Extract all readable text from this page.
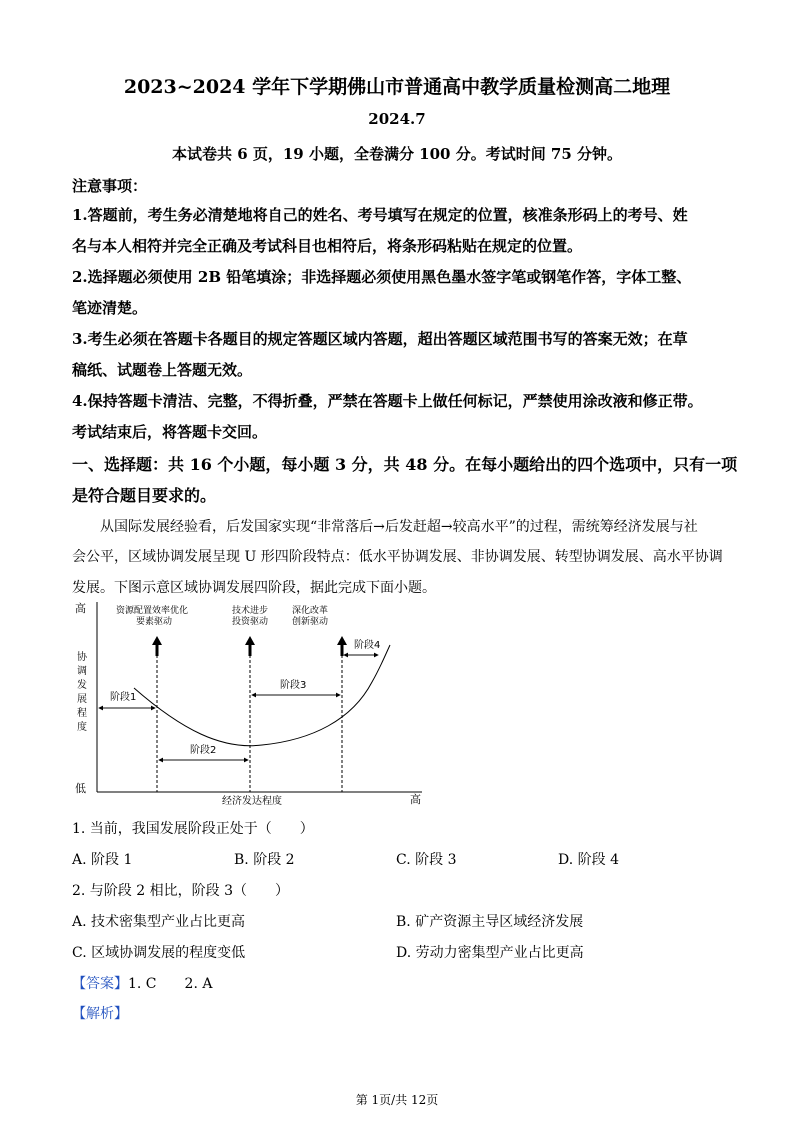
2023~2024 学年下学期佛山市普通高中教学质量检测高二地理
2024.7
本试卷共 6 页，19 小题，全卷满分 100 分。考试时间 75 分钟。
注意事项：
1.答题前，考生务必清楚地将自己的姓名、考号填写在规定的位置，核准条形码上的考号、姓
名与本人相符并完全正确及考试科目也相符后，将条形码粘贴在规定的位置。
2.选择题必须使用 2B 铅笔填涂；非选择题必须使用黑色墨水签字笔或钢笔作答，字体工整、
笔迹清楚。
3.考生必须在答题卡各题目的规定答题区域内答题，超出答题区域范围书写的答案无效；在草
稿纸、试题卷上答题无效。
4.保持答题卡清洁、完整，不得折叠，严禁在答题卡上做任何标记，严禁使用涂改液和修正带。
考试结束后，将答题卡交回。
一、选择题：共 16 个小题，每小题 3 分，共 48 分。在每小题给出的四个选项中，只有一项
是符合题目要求的。
从国际发展经验看，后发国家实现“非常落后→后发赶超→较高水平”的过程，需统筹经济发展与社
会公平，区域协调发展呈现 U 形四阶段特点：低水平协调发展、非协调发展、转型协调发展、高水平协调
发展。下图示意区域协调发展四阶段，据此完成下面小题。
高
低
高
经济发达程度
协
调
发
展
程
度
资源配置效率优化
要素驱动
技术进步
投资驱动
深化改革
创新驱动
阶段1
阶段2
阶段3
阶段4
1. 当前，我国发展阶段正处于（　　）
A. 阶段 1	B. 阶段 2	C. 阶段 3	D. 阶段 4
2. 与阶段 2 相比，阶段 3（　　）
A. 技术密集型产业占比更高	B. 矿产资源主导区域经济发展
C. 区域协调发展的程度变低	D. 劳动力密集型产业占比更高
【答案】1. C 2. A
【解析】
第 1页/共 12页
